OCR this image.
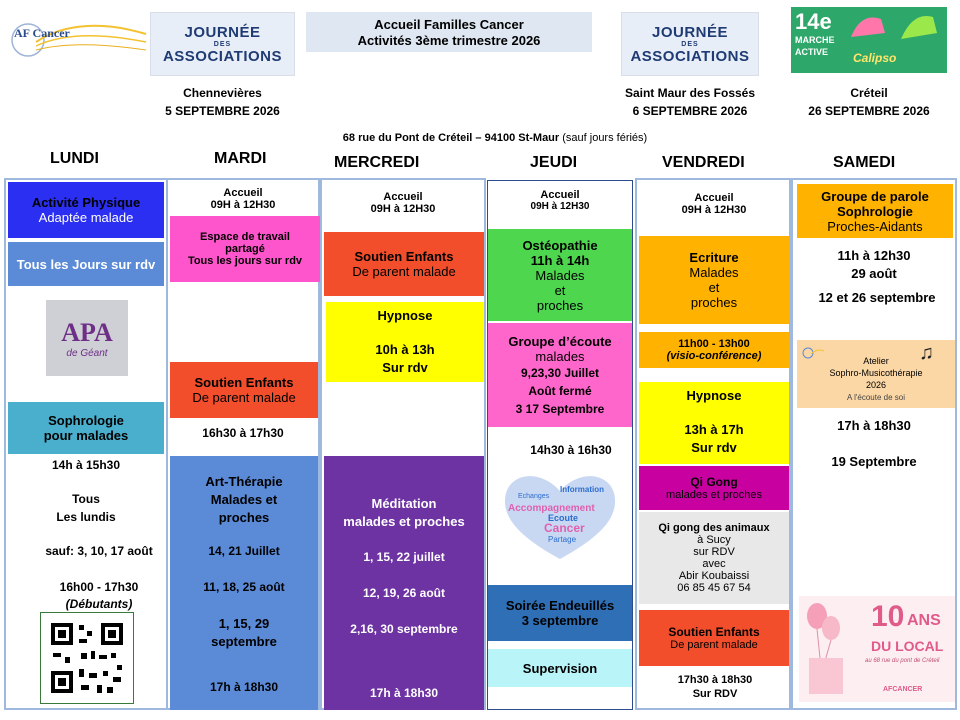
AF Cancer	JOURNÉE
DES
ASSOCIATIONS
Accueil Familles Cancer
Activités 3ème trimestre 2026	JOURNÉE
DES
ASSOCIATIONS
14e
MARCHE
ACTIVE Calipso
Chennevières
5 SEPTEMBRE 2026
Saint Maur des Fossés
6 SEPTEMBRE 2026
Créteil
26 SEPTEMBRE 2026
68 rue du Pont de Créteil – 94100 St-Maur (sauf jours fériés)
LUNDI	MARDI	MERCREDI	JEUDI	VENDREDI	SAMEDI
Activité Physique
Adaptée malade
Tous les Jours sur rdv
APA
de Géant
Sophrologie
pour malades
14h à 15h30
Tous
Les lundis
sauf: 3, 10, 17 août
16h00 - 17h30
(Débutants)
Accueil
09H à 12H30
Espace de travail
partagé
Tous les jours sur rdv
Soutien Enfants
De parent malade
16h30 à 17h30
Art-Thérapie
Malades et
proches
14, 21 Juillet
11, 18, 25 août
1, 15, 29
septembre
17h à 18h30
Accueil
09H à 12H30
Soutien Enfants
De parent malade
Hypnose
10h à 13h
Sur rdv
Méditation
malades et proches
1, 15, 22 juillet
12, 19, 26 août
2,16, 30 septembre
17h à 18h30
Accueil
09H à 12H30
Ostéopathie
11h à 14h
Malades
et
proches
Groupe d’écoute
malades
9,23,30 Juillet
Août fermé
3 17 Septembre
14h30 à 16h30
Echanges
Information
Accompagnement
Ecoute
Cancer
Partage
Soirée Endeuillés
3 septembre
Supervision
Accueil
09H à 12H30
Ecriture
Malades
et
proches
11h00 - 13h00
(visio-conférence)
Hypnose
13h à 17h
Sur rdv
Qi Gong
malades et proches
Qi gong des animaux
à Sucy
sur RDV
avec
Abir Koubaissi
06 85 45 67 54
Soutien Enfants
De parent malade
17h30 à 18h30
Sur RDV
Groupe de parole
Sophrologie
Proches-Aidants
11h à 12h30
29 août
12 et 26 septembre
♫
Atelier
Sophro-Musicothérapie
2026
A l'écoute de soi
17h à 18h30
19 Septembre
10 ANS
DU LOCAL
au 68 rue du pont de Créteil
AFCANCER
